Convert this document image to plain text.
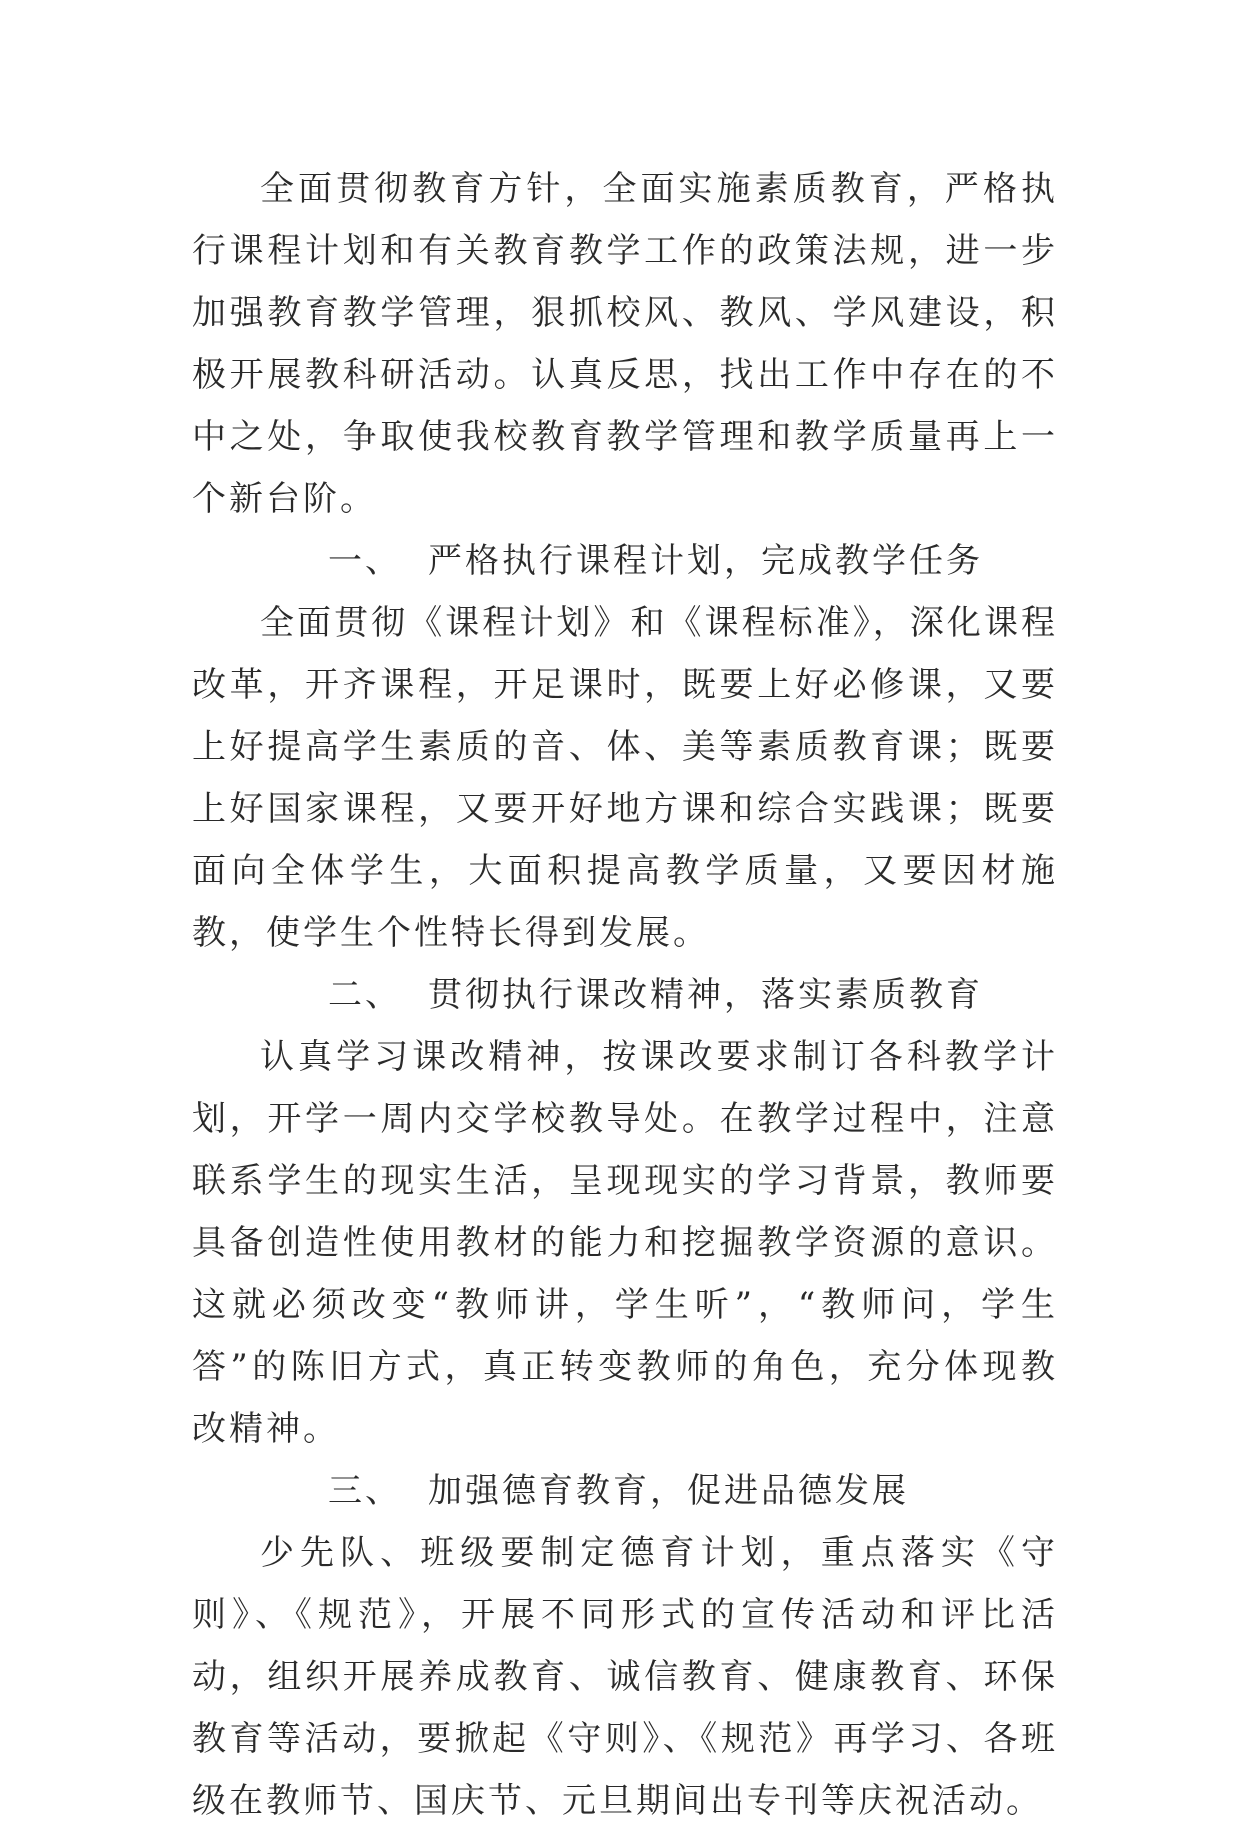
全面贯彻教育方针，全面实施素质教育，严格执行课程计划和有关教育教学工作的政策法规，进一步加强教育教学管理，狠抓校风、教风、学风建设，积极开展教科研活动。认真反思，找出工作中存在的不中之处，争取使我校教育教学管理和教学质量再上一个新台阶。

一、 严格执行课程计划，完成教学任务

全面贯彻《课程计划》和《课程标准》，深化课程改革，开齐课程，开足课时，既要上好必修课，又要上好提高学生素质的音、体、美等素质教育课；既要上好国家课程，又要开好地方课和综合实践课；既要面向全体学生，大面积提高教学质量，又要因材施教，使学生个性特长得到发展。

二、 贯彻执行课改精神，落实素质教育

认真学习课改精神，按课改要求制订各科教学计划，开学一周内交学校教导处。在教学过程中，注意联系学生的现实生活，呈现现实的学习背景，教师要具备创造性使用教材的能力和挖掘教学资源的意识。这就必须改变“教师讲，学生听”，“教师问，学生答”的陈旧方式，真正转变教师的角色，充分体现教改精神。

三、 加强德育教育，促进品德发展

少先队、班级要制定德育计划，重点落实《守则》、《规范》，开展不同形式的宣传活动和评比活动，组织开展养成教育、诚信教育、健康教育、环保教育等活动，要掀起《守则》、《规范》再学习、各班级在教师节、国庆节、元旦期间出专刊等庆祝活动。
